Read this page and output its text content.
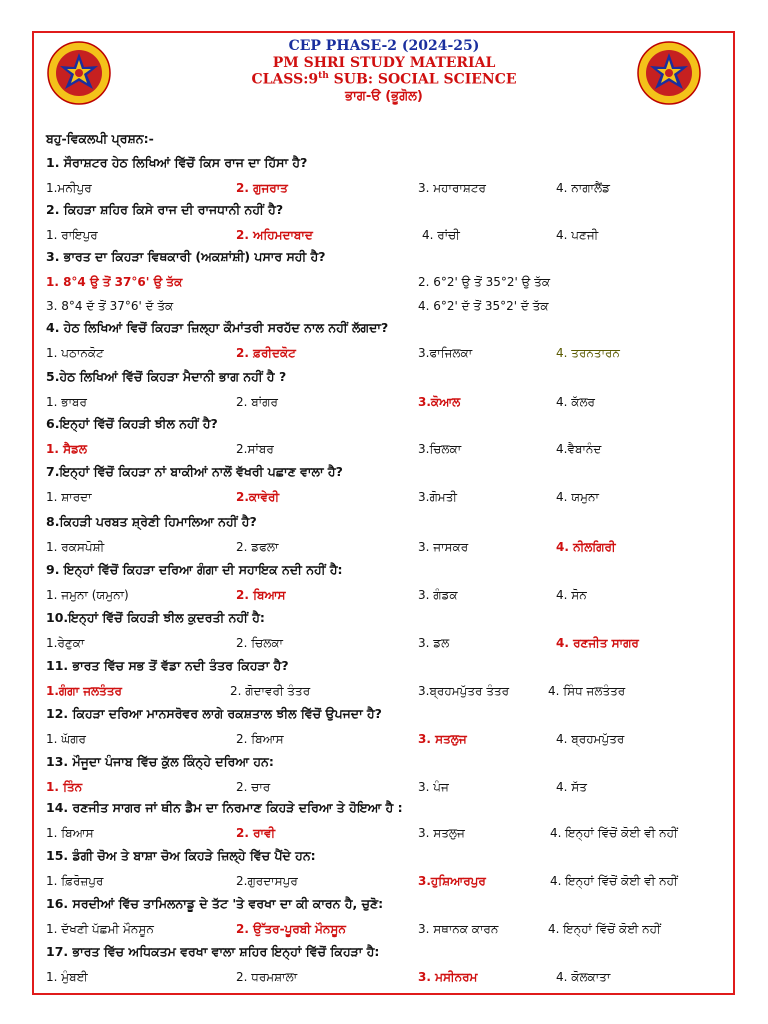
CEP PHASE-2 (2024-25)
PM SHRI STUDY MATERIAL
CLASS:9th SUB: SOCIAL SCIENCE
ਭਾਗ-ੳ (ਭੂਗੋਲ)
ਬਹੁ-ਵਿਕਲਪੀ ਪ੍ਰਸ਼ਨ:-
1. ਸੌਰਾਸ਼ਟਰ ਹੇਠ ਲਿਖਿਆਂ ਵਿੱਚੋਂ ਕਿਸ ਰਾਜ ਦਾ ਹਿੱਸਾ ਹੈ?
1.ਮਨੀਪੁਰ	2. ਗੁਜਰਾਤ	3. ਮਹਾਰਾਸ਼ਟਰ	4. ਨਾਗਾਲੈਂਡ
2. ਕਿਹੜਾ ਸ਼ਹਿਰ ਕਿਸੇ ਰਾਜ ਦੀ ਰਾਜਧਾਨੀ ਨਹੀਂ ਹੈ?
1. ਰਾਇਪੁਰ	2. ਅਹਿਮਦਾਬਾਦ	4. ਰਾਂਚੀ	4. ਪਣਜੀ
3. ਭਾਰਤ ਦਾ ਕਿਹੜਾ ਵਿਥਕਾਰੀ (ਅਕਸ਼ਾਂਸ਼ੀ) ਪਸਾਰ ਸਹੀ ਹੈ?
1. 8°4 ਉ ਤੋਂ 37°6' ਉ ਤੱਕ	2. 6°2' ਉ ਤੋਂ 35°2' ਉ ਤੱਕ
3. 8°4 ਦੱ ਤੋਂ 37°6' ਦੱ ਤੱਕ	4. 6°2' ਦੱ ਤੋਂ 35°2' ਦੱ ਤੱਕ
4. ਹੇਠ ਲਿਖਿਆਂ ਵਿਚੋਂ ਕਿਹੜਾ ਜ਼ਿਲ੍ਹਾ ਕੌਮਾਂਤਰੀ ਸਰਹੱਦ ਨਾਲ ਨਹੀਂ ਲੱਗਦਾ?
1. ਪਠਾਨਕੋਟ	2. ਫ਼ਰੀਦਕੋਟ	3.ਫਾਜਿਲਕਾ	4. ਤਰਨਤਾਰਨ
5.ਹੇਠ ਲਿਖਿਆਂ ਵਿੱਚੋਂ ਕਿਹੜਾ ਮੈਦਾਨੀ ਭਾਗ ਨਹੀਂ ਹੈ ?
1. ਭਾਬਰ	2. ਬਾਂਗਰ	3.ਕੋਆਲ	4. ਕੱਲਰ
6.ਇਨ੍ਹਾਂ ਵਿੱਚੋਂ ਕਿਹੜੀ ਝੀਲ ਨਹੀਂ ਹੈ?
1. ਸੈਡਲ	2.ਸਾਂਬਰ	3.ਚਿਲਕਾ	4.ਵੈਬਾਨੰਦ
7.ਇਨ੍ਹਾਂ ਵਿੱਚੋਂ ਕਿਹੜਾ ਨਾਂ ਬਾਕੀਆਂ ਨਾਲੋਂ ਵੱਖਰੀ ਪਛਾਣ ਵਾਲਾ ਹੈ?
1. ਸ਼ਾਰਦਾ	2.ਕਾਵੇਰੀ	3.ਗੋਮਤੀ	4. ਯਮੁਨਾ
8.ਕਿਹੜੀ ਪਰਬਤ ਸ਼੍ਰੇਣੀ ਹਿਮਾਲਿਆ ਨਹੀਂ ਹੈ?
1. ਰਕਸਪੋਸ਼ੀ	2. ਡਫਲਾ	3. ਜਾਸਕਰ	4. ਨੀਲਗਿਰੀ
9. ਇਨ੍ਹਾਂ ਵਿੱਚੋਂ ਕਿਹੜਾ ਦਰਿਆ ਗੰਗਾ ਦੀ ਸਹਾਇਕ ਨਦੀ ਨਹੀਂ ਹੈ:
1. ਜਮੁਨਾ (ਯਮੁਨਾ)	2. ਬਿਆਸ	3. ਗੰਡਕ	4. ਸੋਨ
10.ਇਨ੍ਹਾਂ ਵਿੱਚੋਂ ਕਿਹੜੀ ਝੀਲ ਕੁਦਰਤੀ ਨਹੀਂ ਹੈ:
1.ਰੇਣੁਕਾ	2. ਚਿਲਕਾ	3. ਡਲ	4. ਰਣਜੀਤ ਸਾਗਰ
11. ਭਾਰਤ ਵਿੱਚ ਸਭ ਤੋਂ ਵੱਡਾ ਨਦੀ ਤੰਤਰ ਕਿਹੜਾ ਹੈ?
1.ਗੰਗਾ ਜਲਤੰਤਰ	2. ਗੋਦਾਵਰੀ ਤੰਤਰ	3.ਬ੍ਰਹਮਪੁੱਤਰ ਤੰਤਰ	4. ਸਿੰਧ ਜਲਤੰਤਰ
12. ਕਿਹੜਾ ਦਰਿਆ ਮਾਨਸਰੋਵਰ ਲਾਗੇ ਰਕਸ਼ਤਾਲ ਝੀਲ ਵਿੱਚੋਂ ਉਪਜਦਾ ਹੈ?
1. ਘੱਗਰ	2. ਬਿਆਸ	3. ਸਤਲੁਜ	4. ਬ੍ਰਹਮਪੁੱਤਰ
13. ਮੌਜੂਦਾ ਪੰਜਾਬ ਵਿੱਚ ਕੁੱਲ ਕਿੰਨ੍ਹੇ ਦਰਿਆ ਹਨ:
1. ਤਿੰਨ	2. ਚਾਰ	3. ਪੰਜ	4. ਸੱਤ
14. ਰਣਜੀਤ ਸਾਗਰ ਜਾਂ ਥੀਨ ਡੈਮ ਦਾ ਨਿਰਮਾਣ ਕਿਹੜੇ ਦਰਿਆ ਤੇ ਹੋਇਆ ਹੈ :
1. ਬਿਆਸ	2. ਰਾਵੀ	3. ਸਤਲੁਜ	4. ਇਨ੍ਹਾਂ ਵਿੱਚੋਂ ਕੋਈ ਵੀ ਨਹੀਂ
15. ਡੰਗੀ ਚੋਅ ਤੇ ਬਾਸ਼ਾ ਚੋਅ ਕਿਹੜੇ ਜ਼ਿਲ੍ਹੇ ਵਿੱਚ ਪੈਂਦੇ ਹਨ:
1. ਫ਼ਿਰੋਜ਼ਪੁਰ	2.ਗੁਰਦਾਸਪੁਰ	3.ਹੁਸ਼ਿਆਰਪੁਰ	4. ਇਨ੍ਹਾਂ ਵਿੱਚੋਂ ਕੋਈ ਵੀ ਨਹੀਂ
16. ਸਰਦੀਆਂ ਵਿੱਚ ਤਾਮਿਲਨਾਡੂ ਦੇ ਤੱਟ 'ਤੇ ਵਰਖਾ ਦਾ ਕੀ ਕਾਰਨ ਹੈ, ਚੁਣੋ:
1. ਦੱਖਣੀ ਪੱਛਮੀ ਮੌਨਸੂਨ	2. ਉੱਤਰ-ਪੂਰਬੀ ਮੌਨਸੂਨ	3. ਸਥਾਨਕ ਕਾਰਨ	4. ਇਨ੍ਹਾਂ ਵਿੱਚੋਂ ਕੋਈ ਨਹੀਂ
17. ਭਾਰਤ ਵਿੱਚ ਅਧਿਕਤਮ ਵਰਖਾ ਵਾਲਾ ਸ਼ਹਿਰ ਇਨ੍ਹਾਂ ਵਿੱਚੋਂ ਕਿਹੜਾ ਹੈ:
1. ਮੁੰਬਈ	2. ਧਰਮਸ਼ਾਲਾ	3. ਮਸੀਨਰਮ	4. ਕੋਲਕਾਤਾ
